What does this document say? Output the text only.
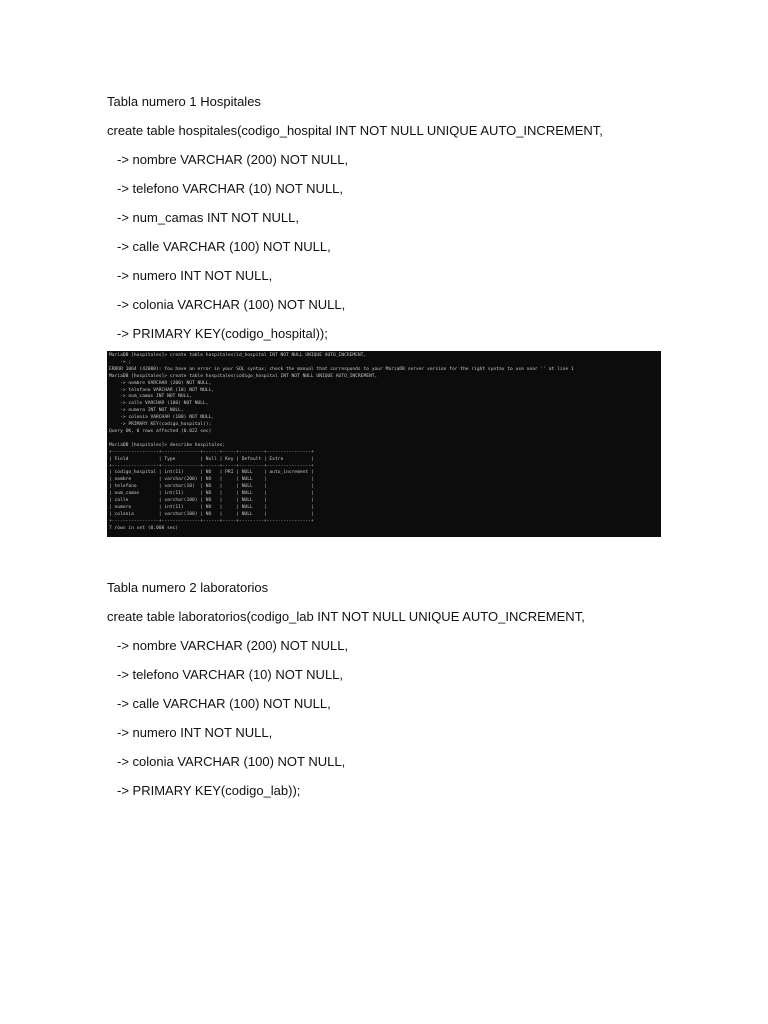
Tabla numero 1 Hospitales
create table hospitales(codigo_hospital INT NOT NULL UNIQUE AUTO_INCREMENT,
-> nombre VARCHAR (200) NOT NULL,
-> telefono VARCHAR (10) NOT NULL,
-> num_camas INT NOT NULL,
-> calle VARCHAR (100) NOT NULL,
-> numero INT NOT NULL,
-> colonia VARCHAR (100) NOT NULL,
-> PRIMARY KEY(codigo_hospital));
MariaDB [hospitales]> create table hospitales(id_hospital INT NOT NULL UNIQUE AUTO_INCREMENT,
-> ;
ERROR 1064 (42000): You have an error in your SQL syntax; check the manual that corresponds to your MariaDB server version for the right syntax to use near '' at line 1
MariaDB [hospitales]> create table hospitales(codigo_hospital INT NOT NULL UNIQUE AUTO_INCREMENT,
-> nombre VARCHAR (200) NOT NULL,
-> telefono VARCHAR (10) NOT NULL,
-> num_camas INT NOT NULL,
-> calle VARCHAR (100) NOT NULL,
-> numero INT NOT NULL,
-> colonia VARCHAR (100) NOT NULL,
-> PRIMARY KEY(codigo_hospital));
Query OK, 0 rows affected (0.022 sec)

MariaDB [hospitales]> describe hospitales;
+-----------------+--------------+------+-----+---------+----------------+
| Field           | Type         | Null | Key | Default | Extra          |
+-----------------+--------------+------+-----+---------+----------------+
| codigo_hospital | int(11)      | NO   | PRI | NULL    | auto_increment |
| nombre          | varchar(200) | NO   |     | NULL    |                |
| telefono        | varchar(10)  | NO   |     | NULL    |                |
| num_camas       | int(11)      | NO   |     | NULL    |                |
| calle           | varchar(100) | NO   |     | NULL    |                |
| numero          | int(11)      | NO   |     | NULL    |                |
| colonia         | varchar(100) | NO   |     | NULL    |                |
+-----------------+--------------+------+-----+---------+----------------+
7 rows in set (0.008 sec)
Tabla numero 2 laboratorios
create table laboratorios(codigo_lab INT NOT NULL UNIQUE AUTO_INCREMENT,
-> nombre VARCHAR (200) NOT NULL,
-> telefono VARCHAR (10) NOT NULL,
-> calle VARCHAR (100) NOT NULL,
-> numero INT NOT NULL,
-> colonia VARCHAR (100) NOT NULL,
-> PRIMARY KEY(codigo_lab));
